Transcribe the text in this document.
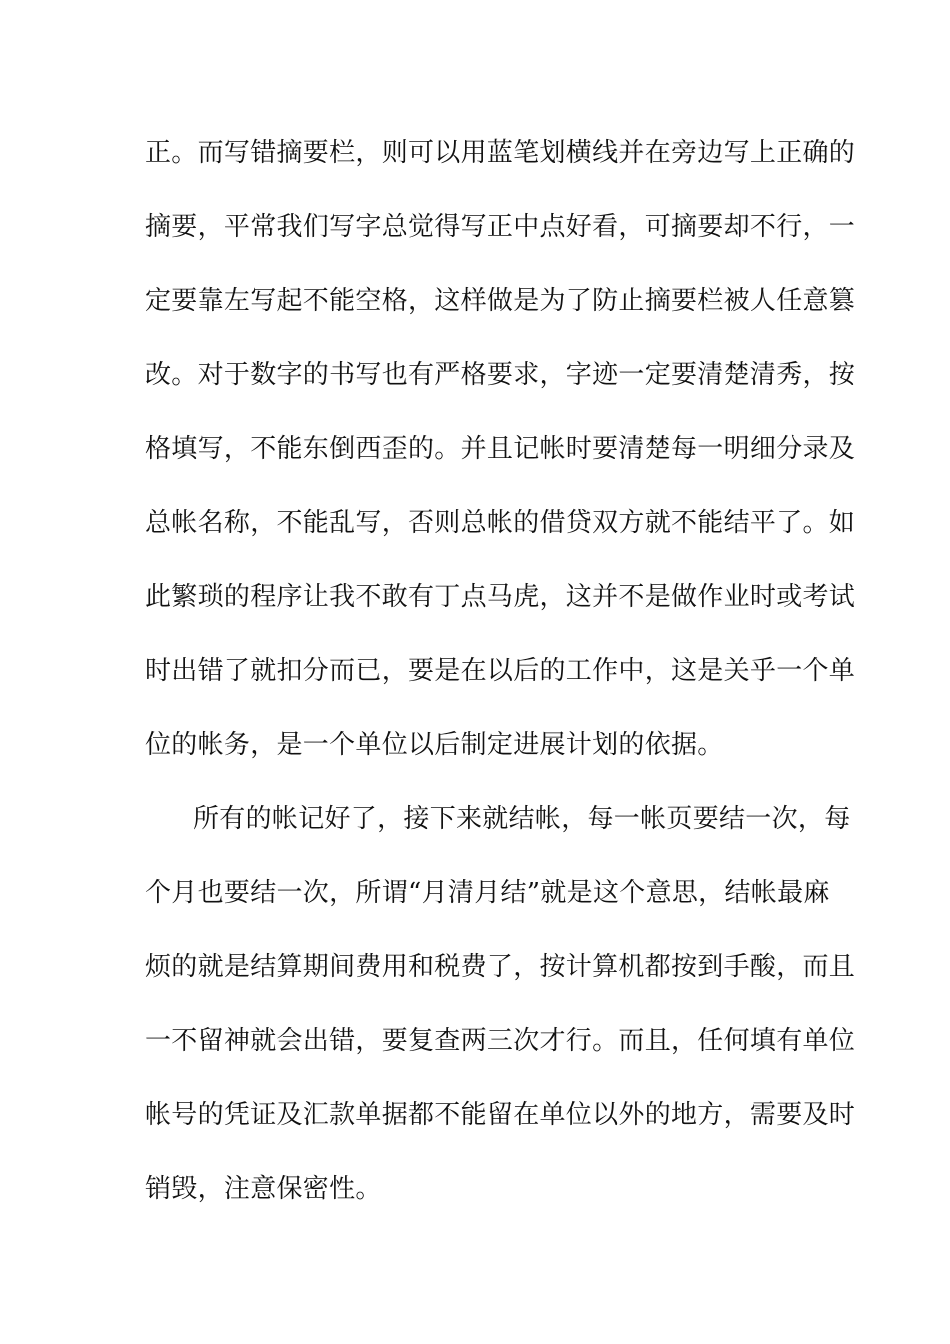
正。而写错摘要栏，则可以用蓝笔划横线并在旁边写上正确的
摘要，平常我们写字总觉得写正中点好看，可摘要却不行，一
定要靠左写起不能空格，这样做是为了防止摘要栏被人任意篡
改。对于数字的书写也有严格要求，字迹一定要清楚清秀，按
格填写，不能东倒西歪的。并且记帐时要清楚每一明细分录及
总帐名称，不能乱写，否则总帐的借贷双方就不能结平了。如
此繁琐的程序让我不敢有丁点马虎，这并不是做作业时或考试
时出错了就扣分而已，要是在以后的工作中，这是关乎一个单
位的帐务，是一个单位以后制定进展计划的依据。
所有的帐记好了，接下来就结帐，每一帐页要结一次，每
个月也要结一次，所谓“月清月结”就是这个意思，结帐最麻
烦的就是结算期间费用和税费了，按计算机都按到手酸，而且
一不留神就会出错，要复查两三次才行。而且，任何填有单位
帐号的凭证及汇款单据都不能留在单位以外的地方，需要及时
销毁，注意保密性。
